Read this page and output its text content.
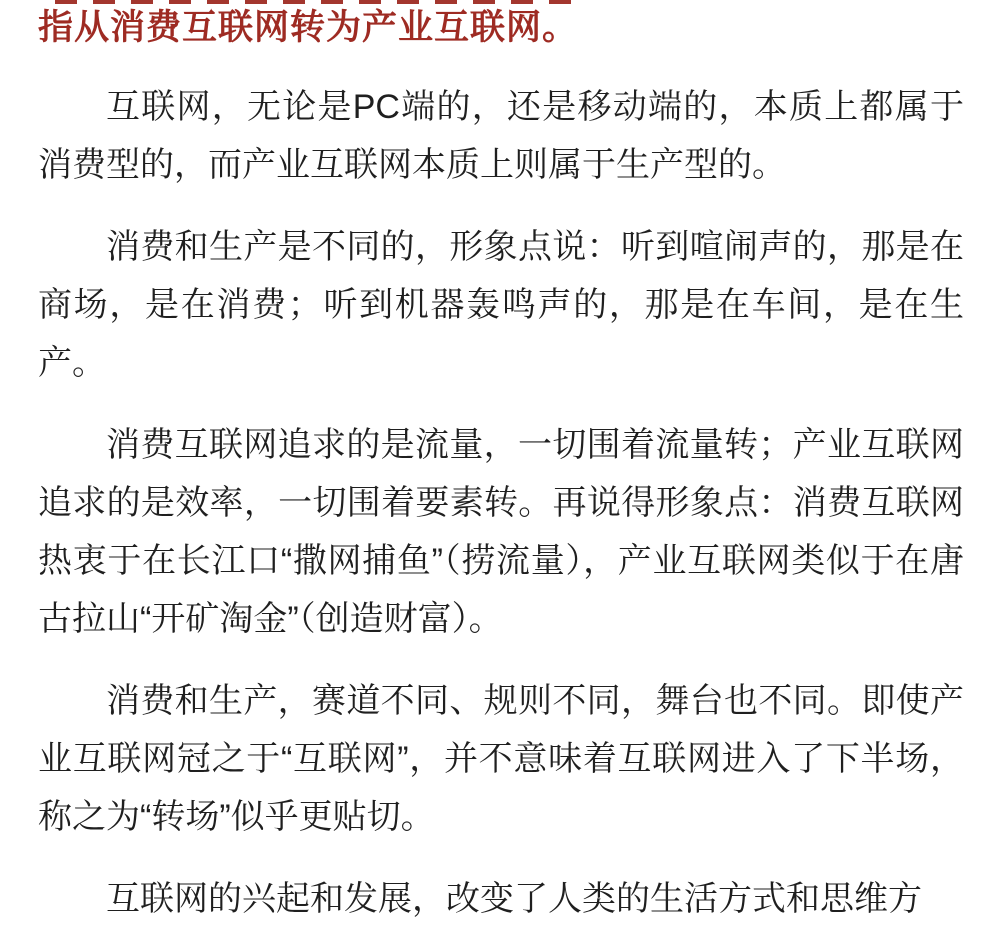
指从消费互联网转为产业互联网。

互联网，无论是PC端的，还是移动端的，本质上都属于消费型的，而产业互联网本质上则属于生产型的。

消费和生产是不同的，形象点说：听到喧闹声的，那是在商场，是在消费；听到机器轰鸣声的，那是在车间，是在生产。

消费互联网追求的是流量，一切围着流量转；产业互联网追求的是效率，一切围着要素转。再说得形象点：消费互联网热衷于在长江口“撒网捕鱼”（捞流量），产业互联网类似于在唐古拉山“开矿淘金”（创造财富）。

消费和生产，赛道不同、规则不同，舞台也不同。即使产业互联网冠之于“互联网”，并不意味着互联网进入了下半场，称之为“转场”似乎更贴切。

互联网的兴起和发展，改变了人类的生活方式和思维方
